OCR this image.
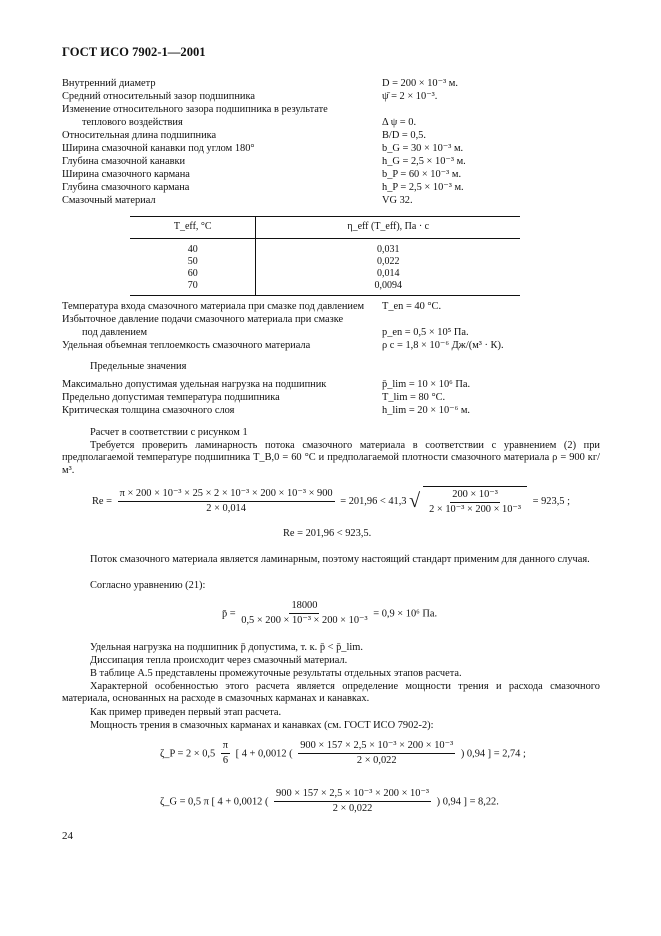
ГОСТ ИСО 7902-1—2001
Внутренний диаметр	D = 200 × 10⁻³ м.
Средний относительный зазор подшипника	ψ̄ = 2 × 10⁻³.
Изменение относительного зазора подшипника в результате
теплового воздействия	Δ ψ = 0.
Относительная длина подшипника	B/D = 0,5.
Ширина смазочной канавки под углом 180°	b_G = 30 × 10⁻³ м.
Глубина смазочной канавки	h_G = 2,5 × 10⁻³ м.
Ширина смазочного кармана	b_P = 60 × 10⁻³ м.
Глубина смазочного кармана	h_P = 2,5 × 10⁻³ м.
Смазочный материал	VG 32.
T_eff, °C	η_eff (T_eff), Па · с
40	0,031
50	0,022
60	0,014
70	0,0094
Температура входа смазочного материала при смазке под давлением	T_en = 40 °C.
Избыточное давление подачи смазочного материала при смазке
под давлением	p_en = 0,5 × 10⁵ Па.
Удельная объемная теплоемкость смазочного материала	ρ c = 1,8 × 10⁻⁶ Дж/(м³ · К).
Предельные значения
Максимально допустимая удельная нагрузка на подшипник	p̄_lim = 10 × 10⁶ Па.
Предельно допустимая температура подшипника	T_lim = 80 °C.
Критическая толщина смазочного слоя	h_lim = 20 × 10⁻⁶ м.
Расчет в соответствии с рисунком 1
Требуется проверить ламинарность потока смазочного материала в соответствии с уравнением (2) при предполагаемой температуре подшипника T_B,0 = 60 °C и предполагаемой плотности смазочного материала ρ = 900 кг/м³.
$Re = \frac{\text{π × 200 × 10⁻³ × 25 × 2 × 10⁻³ × 200 × 10⁻³ × 900}}{2 \times 0,014} = 201,96 < 41,3$ √ $\frac{\text{200 × 10⁻³}}{\text{2 × 10⁻³ × 200 × 10⁻³}} = 923,5$ ;
Re = 201,96 < 923,5.
Поток смазочного материала является ламинарным, поэтому настоящий стандарт применим для данного случая.
Согласно уравнению (21):
p̄ = $\frac{18000}{\text{0,5 × 200 × 10⁻³ × 200 × 10⁻³}} = 0,9 \times 10^6$ Па.
Удельная нагрузка на подшипник p̄ допустима, т. к. p̄ < p̄_lim.
Диссипация тепла происходит через смазочный материал.
В таблице А.5 представлены промежуточные результаты отдельных этапов расчета.
Характерной особенностью этого расчета является определение мощности трения и расхода смазочного материала, основанных на расходе в смазочных карманах и канавках.
Как пример приведен первый этап расчета.
Мощность трения в смазочных карманах и канавках (см. ГОСТ ИСО 7902-2):
ζ_P = $2 \times 0,5 \frac{\pi}{6}$ [ 4 + 0,0012 ( $\frac{\text{900 × 157 × 2,5 × 10⁻³ × 200 × 10⁻³}}{2 \times 0,022}$ ) 0,94 ] = 2,74 ;
ζ_G = 0,5 π [ 4 + 0,0012 ( $\frac{\text{900 × 157 × 2,5 × 10⁻³ × 200 × 10⁻³}}{2 \times 0,022}$ ) 0,94 ] = 8,22.
24
